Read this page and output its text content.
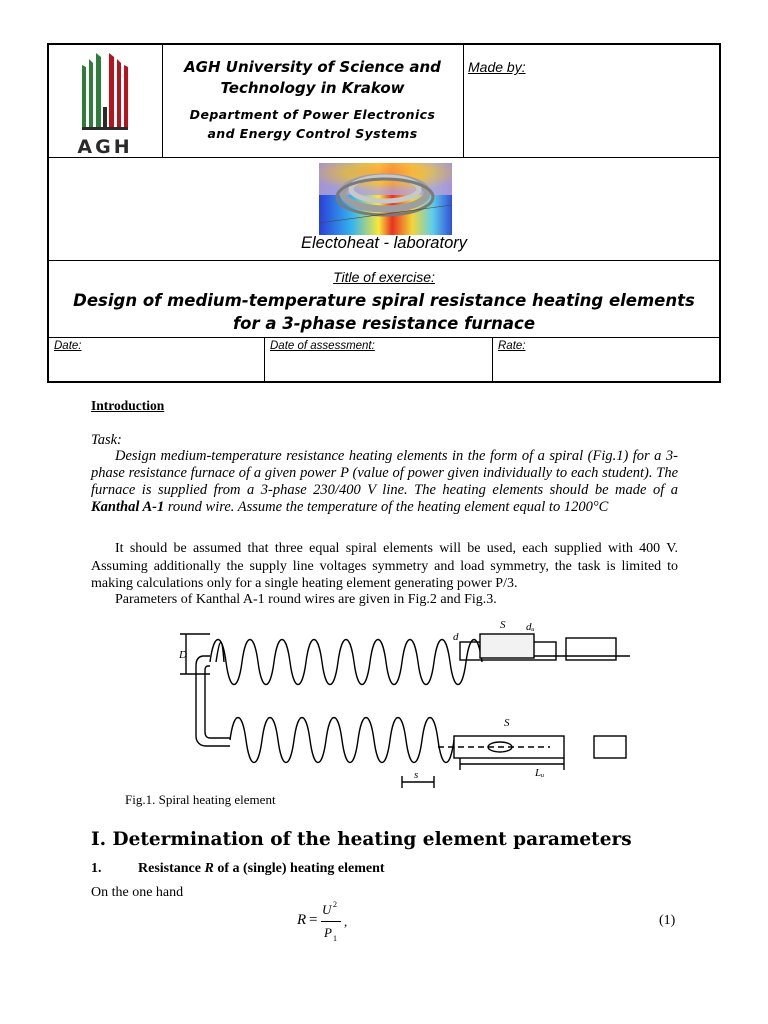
AGH
AGH University of Science and
Technology in Krakow
Department of Power Electronics
and Energy Control Systems
Made by:
Electoheat - laboratory
Title of exercise:
Design of medium-temperature spiral resistance heating elements
for a 3-phase resistance furnace
Date:	Date of assessment:	Rate:
Introduction
Task:
Design medium-temperature resistance heating elements in the form of a spiral (Fig.1) for a 3-phase resistance furnace of a given power P (value of power given individually to each student). The furnace is supplied from a 3-phase 230/400 V line. The heating elements should be made of a Kanthal A-1 round wire. Assume the temperature of the heating element equal to 1200°C
It should be assumed that three equal spiral elements will be used, each supplied with 400 V. Assuming additionally the supply line voltages symmetry and load symmetry, the task is limited to making calculations only for a single heating element generating power P/3.
Parameters of Kanthal A-1 round wires are given in Fig.2 and Fig.3.
D
d
S dᵤ
S
s	Lᵤ
Fig.1. Spiral heating element
I. Determination of the heating element parameters
1.	Resistance R of a (single) heating element
On the one hand
R =
U 2
P 1
,	(1)
